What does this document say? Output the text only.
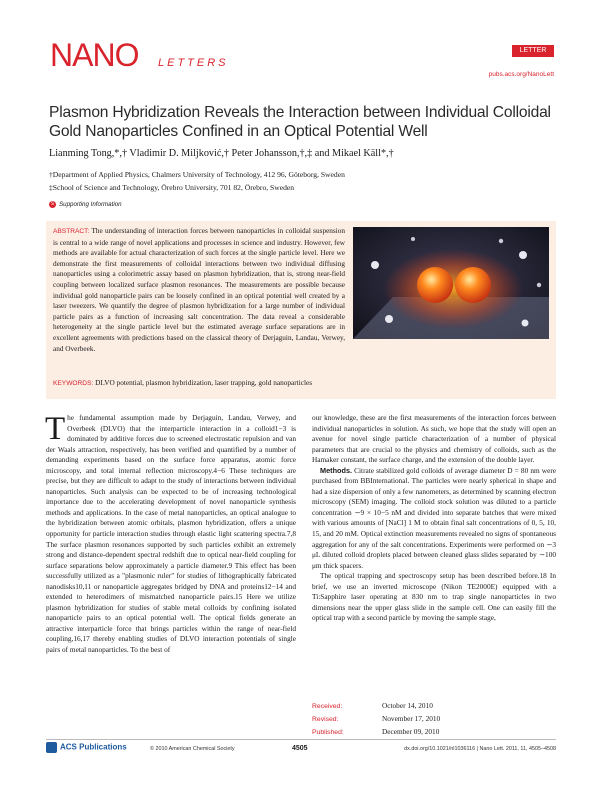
NANO LETTERS
LETTER
pubs.acs.org/NanoLett
Plasmon Hybridization Reveals the Interaction between Individual Colloidal Gold Nanoparticles Confined in an Optical Potential Well
Lianming Tong,*,† Vladimir D. Miljković,† Peter Johansson,†,‡ and Mikael Käll*,†
†Department of Applied Physics, Chalmers University of Technology, 412 96, Göteborg, Sweden
‡School of Science and Technology, Örebro University, 701 82, Örebro, Sweden
s Supporting Information
ABSTRACT: The understanding of interaction forces between nanoparticles in colloidal suspension is central to a wide range of novel applications and processes in science and industry. However, few methods are available for actual characterization of such forces at the single particle level. Here we demonstrate the first measurements of colloidal interactions between two individual diffusing nanoparticles using a colorimetric assay based on plasmon hybridization, that is, strong near-field coupling between localized surface plasmon resonances. The measurements are possible because individual gold nanoparticle pairs can be loosely confined in an optical potential well created by a laser tweezers. We quantify the degree of plasmon hybridization for a large number of individual particle pairs as a function of increasing salt concentration. The data reveal a considerable heterogeneity at the single particle level but the estimated average surface separations are in excellent agreements with predictions based on the classical theory of Derjaguin, Landau, Verwey, and Overbeek.
KEYWORDS: DLVO potential, plasmon hybridization, laser trapping, gold nanoparticles

The fundamental assumption made by Derjaguin, Landau, Verwey, and Overbeek (DLVO) that the interparticle interaction in a colloid1−3 is dominated by additive forces due to screened electrostatic repulsion and van der Waals attraction, respectively, has been verified and quantified by a number of demanding experiments based on the surface force apparatus, atomic force microscopy, and total internal reflection microscopy.4−6 These techniques are precise, but they are difficult to adapt to the study of interactions between individual nanoparticles. Such analysis can be expected to be of increasing technological importance due to the accelerating development of novel nanoparticle synthesis methods and applications. In the case of metal nanoparticles, an optical analogue to the hybridization between atomic orbitals, plasmon hybridization, offers a unique opportunity for particle interaction studies through elastic light scattering spectra.7,8 The surface plasmon resonances supported by such particles exhibit an extremely strong and distance-dependent spectral redshift due to optical near-field coupling for surface separations below approximately a particle diameter.9 This effect has been successfully utilized as a "plasmonic ruler" for studies of lithographically fabricated nanodisks10,11 or nanoparticle aggregates bridged by DNA and proteins12−14 and extended to heterodimers of mismatched nanoparticle pairs.15 Here we utilize plasmon hybridization for studies of stable metal colloids by confining isolated nanoparticle pairs to an optical potential well. The optical fields generate an attractive interparticle force that brings particles within the range of near-field coupling,16,17 thereby enabling studies of DLVO interaction potentials of single pairs of metal nanoparticles. To the best of

our knowledge, these are the first measurements of the interaction forces between individual nanoparticles in solution. As such, we hope that the study will open an avenue for novel single particle characterization of a number of physical parameters that are crucial to the physics and chemistry of colloids, such as the Hamaker constant, the surface charge, and the extension of the double layer.

Methods. Citrate stabilized gold colloids of average diameter D = 80 nm were purchased from BBInternational. The particles were nearly spherical in shape and had a size dispersion of only a few nanometers, as determined by scanning electron microscopy (SEM) imaging. The colloid stock solution was diluted to a particle concentration ∼9 × 10−5 nM and divided into separate batches that were mixed with various amounts of [NaCl] 1 M to obtain final salt concentrations of 0, 5, 10, 15, and 20 mM. Optical extinction measurements revealed no signs of spontaneous aggregation for any of the salt concentrations. Experiments were performed on ∼3 μL diluted colloid droplets placed between cleaned glass slides separated by ∼100 μm thick spacers.

The optical trapping and spectroscopy setup has been described before.18 In brief, we use an inverted microscope (Nikon TE2000E) equipped with a Ti:Sapphire laser operating at 830 nm to trap single nanoparticles in two dimensions near the upper glass slide in the sample cell. One can easily fill the optical trap with a second particle by moving the sample stage,

Received:	October 14, 2010
Revised:	November 17, 2010
Published:	December 09, 2010
ACS Publications	© 2010 American Chemical Society	4505	dx.doi.org/10.1021/nl1036116 | Nano Lett. 2011, 11, 4505–4508
